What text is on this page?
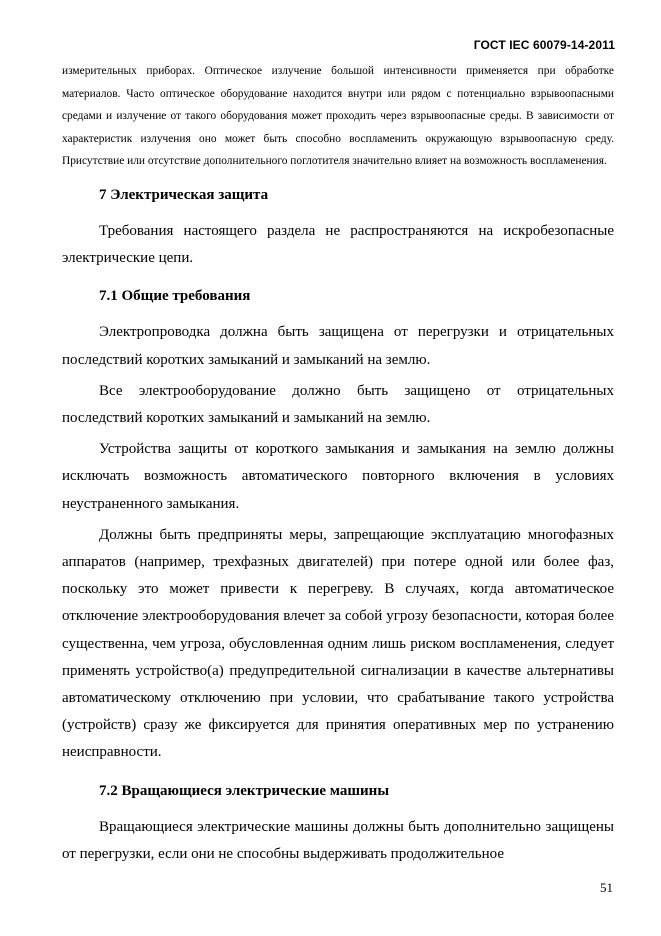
ГОСТ IEC 60079-14-2011

измерительных приборах. Оптическое излучение большой интенсивности применяется при обработке материалов. Часто оптическое оборудование находится внутри или рядом с потенциально взрывоопасными средами и излучение от такого оборудования может проходить через взрывоопасные среды. В зависимости от характеристик излучения оно может быть способно воспламенить окружающую взрывоопасную среду. Присутствие или отсутствие дополнительного поглотителя значительно влияет на возможность воспламенения.

7 Электрическая защита

Требования настоящего раздела не распространяются на искробезопасные электрические цепи.

7.1 Общие требования

Электропроводка должна быть защищена от перегрузки и отрицательных последствий коротких замыканий и замыканий на землю.

Все электрооборудование должно быть защищено от отрицательных последствий коротких замыканий и замыканий на землю.

Устройства защиты от короткого замыкания и замыкания на землю должны исключать возможность автоматического повторного включения в условиях неустраненного замыкания.

Должны быть предприняты меры, запрещающие эксплуатацию многофазных аппаратов (например, трехфазных двигателей) при потере одной или более фаз, поскольку это может привести к перегреву. В случаях, когда автоматическое отключение электрооборудования влечет за собой угрозу безопасности, которая более существенна, чем угроза, обусловленная одним лишь риском воспламенения, следует применять устройство(а) предупредительной сигнализации в качестве альтернативы автоматическому отключению при условии, что срабатывание такого устройства (устройств) сразу же фиксируется для принятия оперативных мер по устранению неисправности.

7.2 Вращающиеся электрические машины

Вращающиеся электрические машины должны быть дополнительно защищены от перегрузки, если они не способны выдерживать продолжительное

51
